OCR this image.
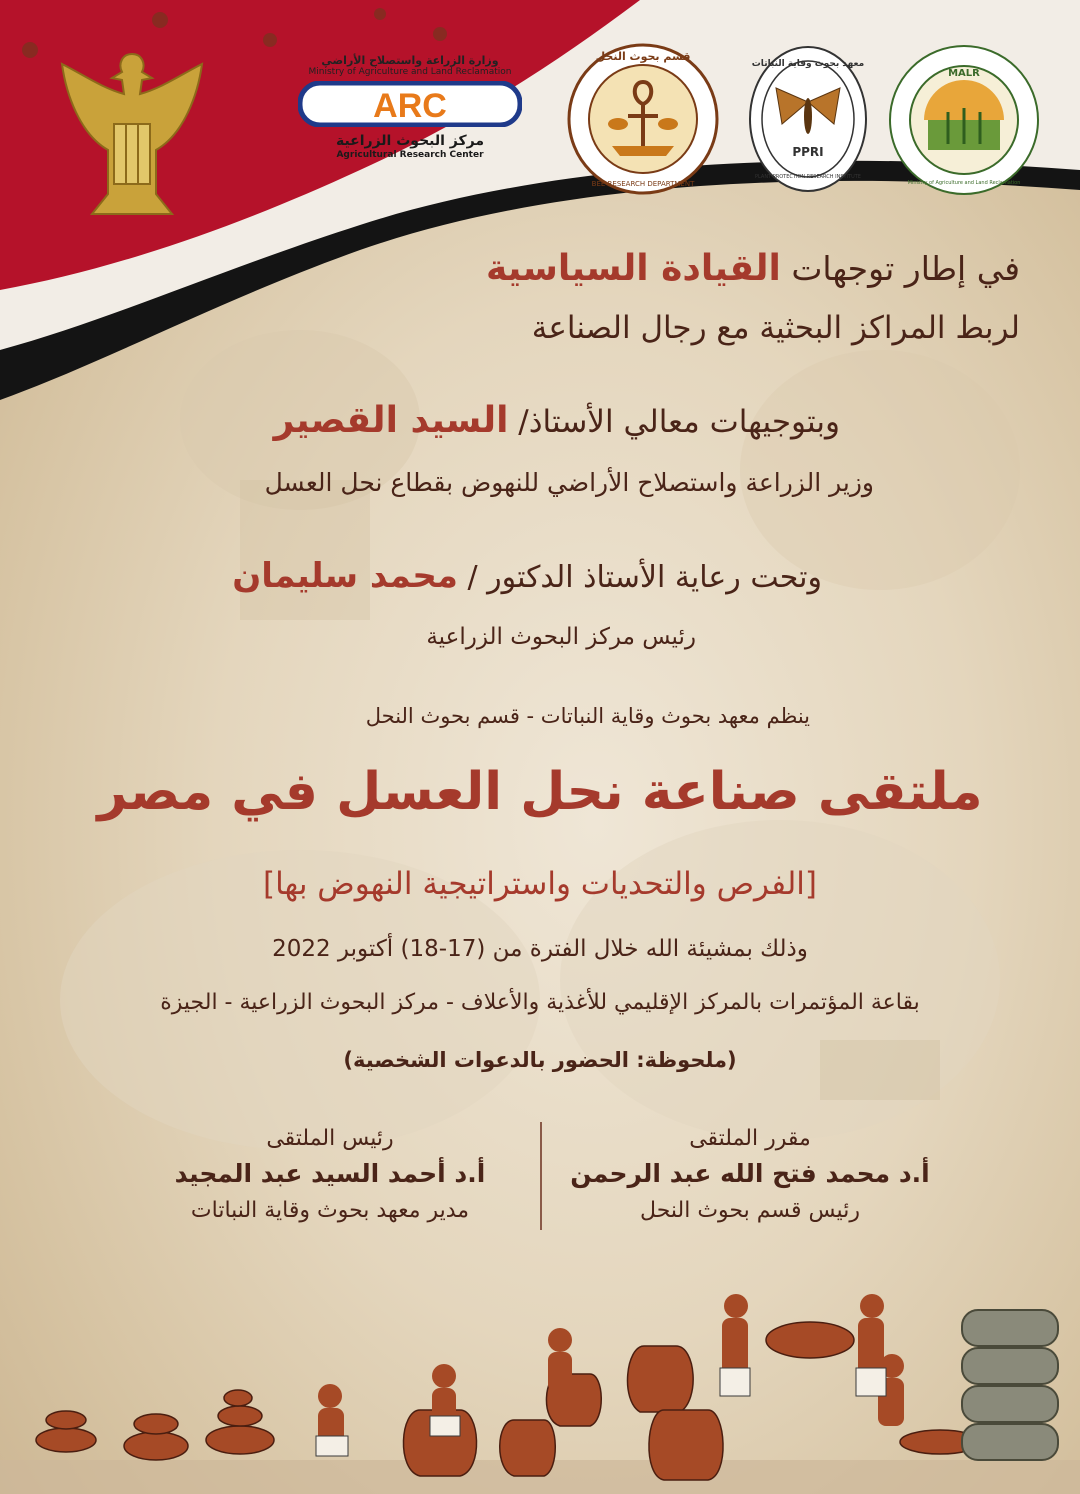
وزارة الزراعة واستصلاح الأراضي
Ministry of Agriculture and Land Reclamation
ARC
مركز البحوث الزراعية
Agricultural Research Center
قسم بحوث النحل
BEE RESEARCH DEPARTMENT
معهد بحوث وقاية النباتات
PPRI
PLANT PROTECTION RESEARCH INSTITUTE
MALR
Ministry of Agriculture and Land Reclamation
في إطار توجهات القيادة السياسية
لربط المراكز البحثية مع رجال الصناعة
وبتوجيهات معالي الأستاذ/ السيد القصير
وزير الزراعة واستصلاح الأراضي للنهوض بقطاع نحل العسل
وتحت رعاية الأستاذ الدكتور / محمد سليمان
رئيس مركز البحوث الزراعية
ينظم معهد بحوث وقاية النباتات - قسم بحوث النحل
ملتقى صناعة نحل العسل في مصر
[الفرص والتحديات واستراتيجية النهوض بها]
وذلك بمشيئة الله خلال الفترة من (17-18) أكتوبر 2022
بقاعة المؤتمرات بالمركز الإقليمي للأغذية والأعلاف - مركز البحوث الزراعية - الجيزة
(ملحوظة: الحضور بالدعوات الشخصية)
مقرر الملتقى
أ.د محمد فتح الله عبد الرحمن
رئيس قسم بحوث النحل
رئيس الملتقى
أ.د أحمد السيد عبد المجيد
مدير معهد بحوث وقاية النباتات
